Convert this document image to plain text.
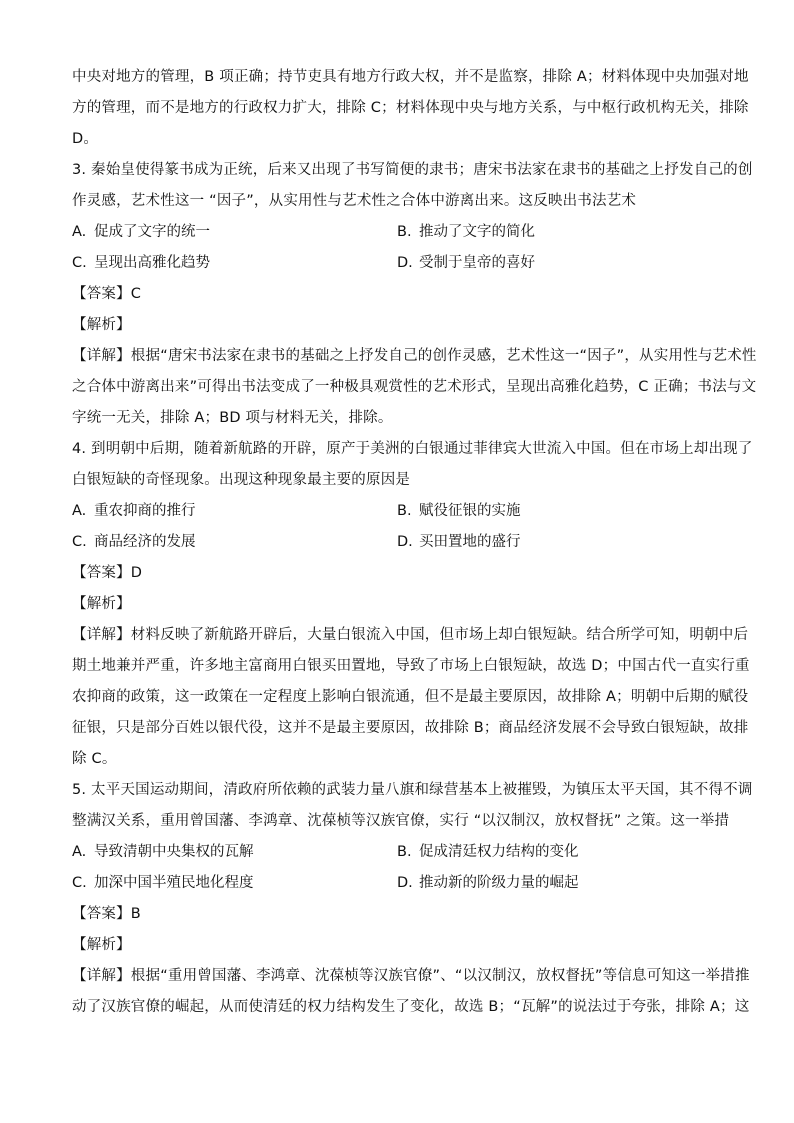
中央对地方的管理，B 项正确；持节吏具有地方行政大权，并不是监察，排除 A；材料体现中央加强对地
方的管理，而不是地方的行政权力扩大，排除 C；材料体现中央与地方关系，与中枢行政机构无关，排除
D。
3. 秦始皇使得篆书成为正统，后来又出现了书写简便的隶书；唐宋书法家在隶书的基础之上抒发自己的创
作灵感，艺术性这一 “因子”，从实用性与艺术性之合体中游离出来。这反映出书法艺术
A. 促成了文字的统一	B. 推动了文字的简化
C. 呈现出高雅化趋势	D. 受制于皇帝的喜好
【答案】C
【解析】
【详解】根据“唐宋书法家在隶书的基础之上抒发自己的创作灵感，艺术性这一“因子”，从实用性与艺术性
之合体中游离出来”可得出书法变成了一种极具观赏性的艺术形式，呈现出高雅化趋势，C 正确；书法与文
字统一无关，排除 A；BD 项与材料无关，排除。
4. 到明朝中后期，随着新航路的开辟，原产于美洲的白银通过菲律宾大世流入中国。但在市场上却出现了
白银短缺的奇怪现象。出现这种现象最主要的原因是
A. 重农抑商的推行	B. 赋役征银的实施
C. 商品经济的发展	D. 买田置地的盛行
【答案】D
【解析】
【详解】材料反映了新航路开辟后，大量白银流入中国，但市场上却白银短缺。结合所学可知，明朝中后
期土地兼并严重，许多地主富商用白银买田置地，导致了市场上白银短缺，故选 D；中国古代一直实行重
农抑商的政策，这一政策在一定程度上影响白银流通，但不是最主要原因，故排除 A；明朝中后期的赋役
征银，只是部分百姓以银代役，这并不是最主要原因，故排除 B；商品经济发展不会导致白银短缺，故排
除 C。
5. 太平天国运动期间，清政府所依赖的武装力量八旗和绿营基本上被摧毁，为镇压太平天国，其不得不调
整满汉关系，重用曾国藩、李鸿章、沈葆桢等汉族官僚，实行 “以汉制汉，放权督抚” 之策。这一举措
A. 导致清朝中央集权的瓦解	B. 促成清廷权力结构的变化
C. 加深中国半殖民地化程度	D. 推动新的阶级力量的崛起
【答案】B
【解析】
【详解】根据“重用曾国藩、李鸿章、沈葆桢等汉族官僚”、“以汉制汉，放权督抚”等信息可知这一举措推
动了汉族官僚的崛起，从而使清廷的权力结构发生了变化，故选 B；“瓦解”的说法过于夸张，排除 A；这
